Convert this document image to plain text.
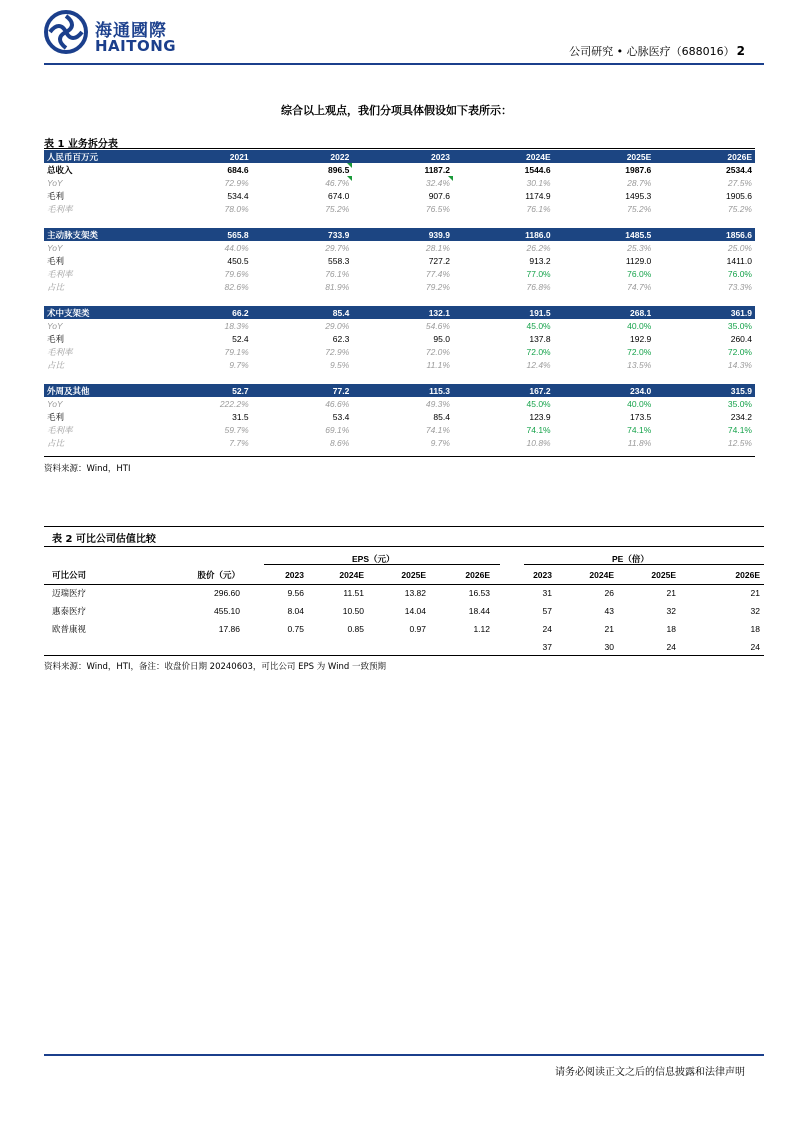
海通國際
HAITONG	公司研究 • 心脉医疗（688016） 2
综合以上观点，我们分项具体假设如下表所示：
表 1 业务拆分表
人民币百万元	2021	2022	2023	2024E	2025E	2026E
总收入	684.6	896.5	1187.2	1544.6	1987.6	2534.4
YoY	72.9%	46.7%	32.4%	30.1%	28.7%	27.5%
毛利	534.4	674.0	907.6	1174.9	1495.3	1905.6
毛利率	78.0%	75.2%	76.5%	76.1%	75.2%	75.2%

主动脉支架类	565.8	733.9	939.9	1186.0	1485.5	1856.6
YoY	44.0%	29.7%	28.1%	26.2%	25.3%	25.0%
毛利	450.5	558.3	727.2	913.2	1129.0	1411.0
毛利率	79.6%	76.1%	77.4%	77.0%	76.0%	76.0%
占比	82.6%	81.9%	79.2%	76.8%	74.7%	73.3%

术中支架类	66.2	85.4	132.1	191.5	268.1	361.9
YoY	18.3%	29.0%	54.6%	45.0%	40.0%	35.0%
毛利	52.4	62.3	95.0	137.8	192.9	260.4
毛利率	79.1%	72.9%	72.0%	72.0%	72.0%	72.0%
占比	9.7%	9.5%	11.1%	12.4%	13.5%	14.3%

外周及其他	52.7	77.2	115.3	167.2	234.0	315.9
YoY	222.2%	46.6%	49.3%	45.0%	40.0%	35.0%
毛利	31.5	53.4	85.4	123.9	173.5	234.2
毛利率	59.7%	69.1%	74.1%	74.1%	74.1%	74.1%
占比	7.7%	8.6%	9.7%	10.8%	11.8%	12.5%
资料来源：Wind，HTI
表 2 可比公司估值比较
EPS（元）	PE（倍）
可比公司	股价（元）	2023	2024E	2025E	2026E	2023	2024E	2025E	2026E
迈瑞医疗	296.60	9.56	11.51	13.82	16.53	31	26	21	21
惠泰医疗	455.10	8.04	10.50	14.04	18.44	57	43	32	32
欧普康视	17.86	0.75	0.85	0.97	1.12	24	21	18	18
						37	30	24	24
资料来源：Wind，HTI，备注：收盘价日期 20240603，可比公司 EPS 为 Wind 一致预期
请务必阅读正文之后的信息披露和法律声明
